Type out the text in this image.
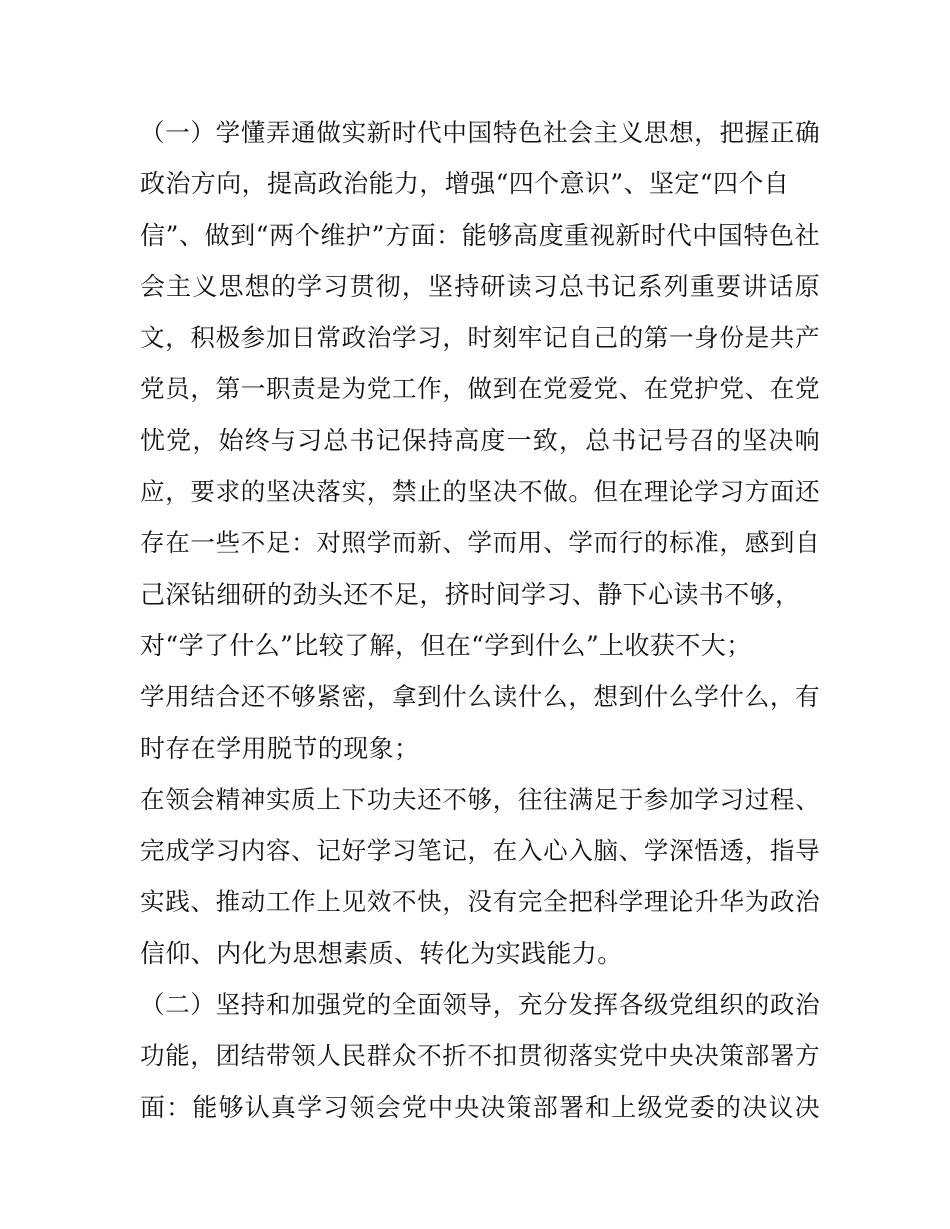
（一）学懂弄通做实新时代中国特色社会主义思想，把握正确
政治方向，提高政治能力，增强“四个意识”、坚定“四个自
信”、做到“两个维护”方面：能够高度重视新时代中国特色社
会主义思想的学习贯彻，坚持研读习总书记系列重要讲话原
文，积极参加日常政治学习，时刻牢记自己的第一身份是共产
党员，第一职责是为党工作，做到在党爱党、在党护党、在党
忧党，始终与习总书记保持高度一致，总书记号召的坚决响
应，要求的坚决落实，禁止的坚决不做。但在理论学习方面还
存在一些不足：对照学而新、学而用、学而行的标准，感到自
己深钻细研的劲头还不足，挤时间学习、静下心读书不够，
对“学了什么”比较了解，但在“学到什么”上收获不大；
学用结合还不够紧密，拿到什么读什么，想到什么学什么，有
时存在学用脱节的现象；
在领会精神实质上下功夫还不够，往往满足于参加学习过程、
完成学习内容、记好学习笔记，在入心入脑、学深悟透，指导
实践、推动工作上见效不快，没有完全把科学理论升华为政治
信仰、内化为思想素质、转化为实践能力。
（二）坚持和加强党的全面领导，充分发挥各级党组织的政治
功能，团结带领人民群众不折不扣贯彻落实党中央决策部署方
面：能够认真学习领会党中央决策部署和上级党委的决议决
